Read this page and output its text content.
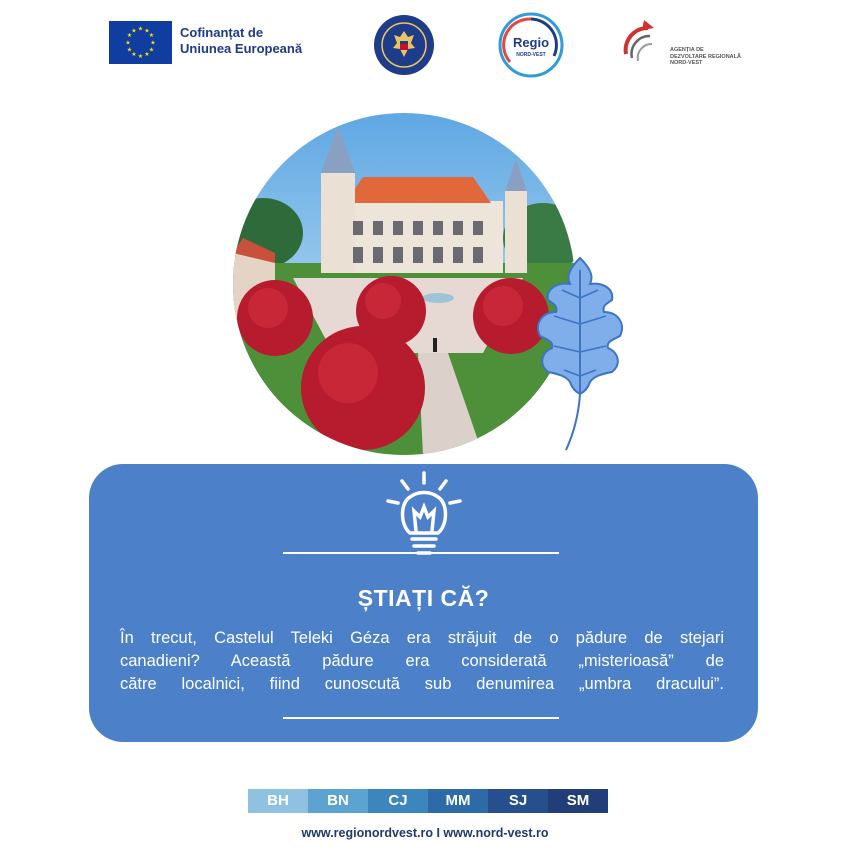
★ ★
★
★
★
★
★
★
★
★
★
★	Cofinanțat de
Uniunea Europeană	Regio
NORD-VEST
AGENȚIA DE
DEZVOLTARE REGIONALĂ
NORD-VEST
ȘTIAȚI CĂ?
În trecut, Castelul Teleki Géza era străjuit de o pădure de stejari
canadieni? Această pădure era considerată „misterioasă” de
către localnici, fiind cunoscută sub denumirea „umbra dracului”.
BH	BN	CJ	MM	SJ	SM
www.regionordvest.ro I www.nord-vest.ro
